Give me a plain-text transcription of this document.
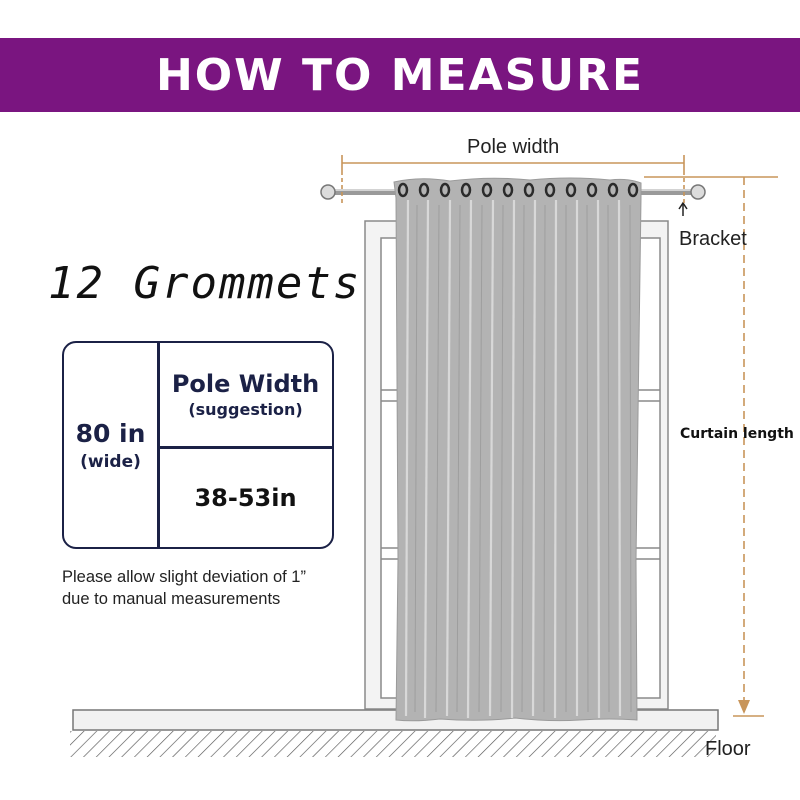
HOW TO MEASURE
Pole width
Bracket
Curtain length
Floor
12 Grommets
80 in
(wide)
Pole Width
(suggestion)
38-53in
Please allow slight deviation of 1”
due to manual measurements
